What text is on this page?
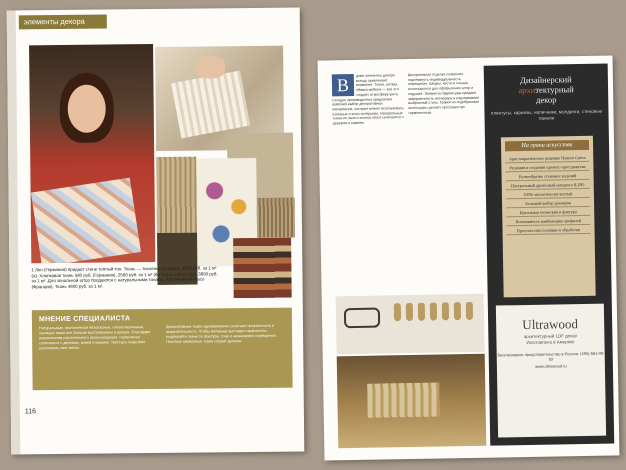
элементы декора
1 Лен (Германия) придает стене теплый тон. Ткань — тиснение Bauhaus, 1600 руб. за 1 м² (а). Хлопковая ткань 580 руб. (Германия), 2500 руб. за 1 м² (б). Ткань Linen Look, 3800 руб. за 1 м². Для зональной штор продаются с натуральными тонами. Коллекция Monaco (Франция). Ткань 4800 руб. за 1 м².
МНЕНИЕ СПЕЦИАЛИСТА
Натуральные, экологически безопасные, гипоаллергенные, льняные ткани все больше востребованы в декоре. Благодаря вкраплениям растительного происхождения, гармонично сочетаются с деревом, кожей и камнем. Текстура позволяет рассеивать свет мягко.
Декоративные ткани одновременно сочетают практичность и выразительность. Чтобы интерьер выглядел гармонично, подбирайте ткани по фактуре, тону и назначению помещения. Плотные обивочные ткани служат дольше.
116
В	доме элементы декора всегда привлекают внимание. Ткани, шторы, обивка мебели — все это создает атмосферу уюта. Сегодня производители предлагают широкий выбор декоративных материалов, которые можно использовать в разных стилях интерьера. Натуральные ткани из льна и хлопка легко сочетаются с деревом и камнем.
Декоративная отделка позволяет подчеркнуть индивидуальность помещения. Шнуры, кисти и тесьма используются для оформления штор и подушек. Элементы фурнитуры придают завершенность интерьеру и подчеркивают выбранный стиль. Грамотно подобранные аксессуары делают пространство гармоничным.
Дизайнерский
архитектурный
декор
плинтусы, карнизы, наличники, молдинги, стеновые панели
На грани искусства
Аристократическое решение Нового Света
Решения в создании единого пространства
Разнообразие стеновых изделий
Натуральный древесный материал (LDF)
100% экологически чистый
Большой выбор размеров
Идеальная геометрия и фактура
Возможность комбинации профилей
Простота инсталляции и обработки
Ultrawood
архитектурный LDF декор
Изготовлено в Америке
Эксклюзивное представительство в России: (495) 661-90-93
www.ultrawood.ru
